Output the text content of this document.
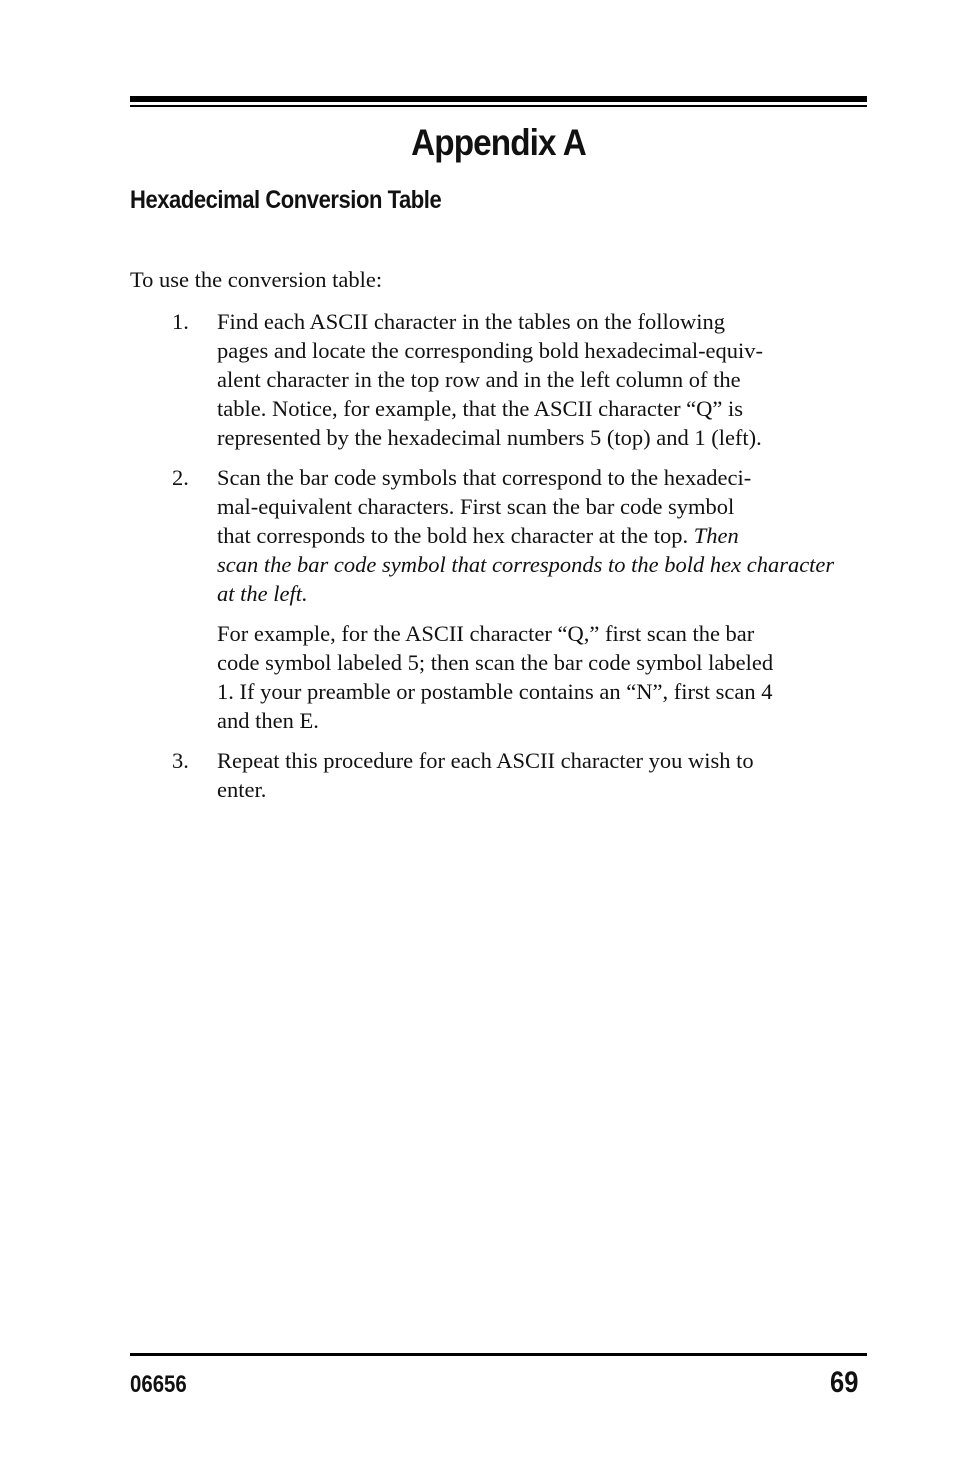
Appendix A
Hexadecimal Conversion Table
To use the conversion table:
1. Find each ASCII character in the tables on the following
pages and locate the corresponding bold hexadecimal-equiv-
alent character in the top row and in the left column of the
table. Notice, for example, that the ASCII character “Q” is
represented by the hexadecimal numbers 5 (top) and 1 (left).
2. Scan the bar code symbols that correspond to the hexadeci-
mal-equivalent characters. First scan the bar code symbol
that corresponds to the bold hex character at the top. Then
scan the bar code symbol that corresponds to the bold hex character
at the left.
For example, for the ASCII character “Q,” first scan the bar
code symbol labeled 5; then scan the bar code symbol labeled
1. If your preamble or postamble contains an “N”, first scan 4
and then E.
3. Repeat this procedure for each ASCII character you wish to
enter.
06656	69
